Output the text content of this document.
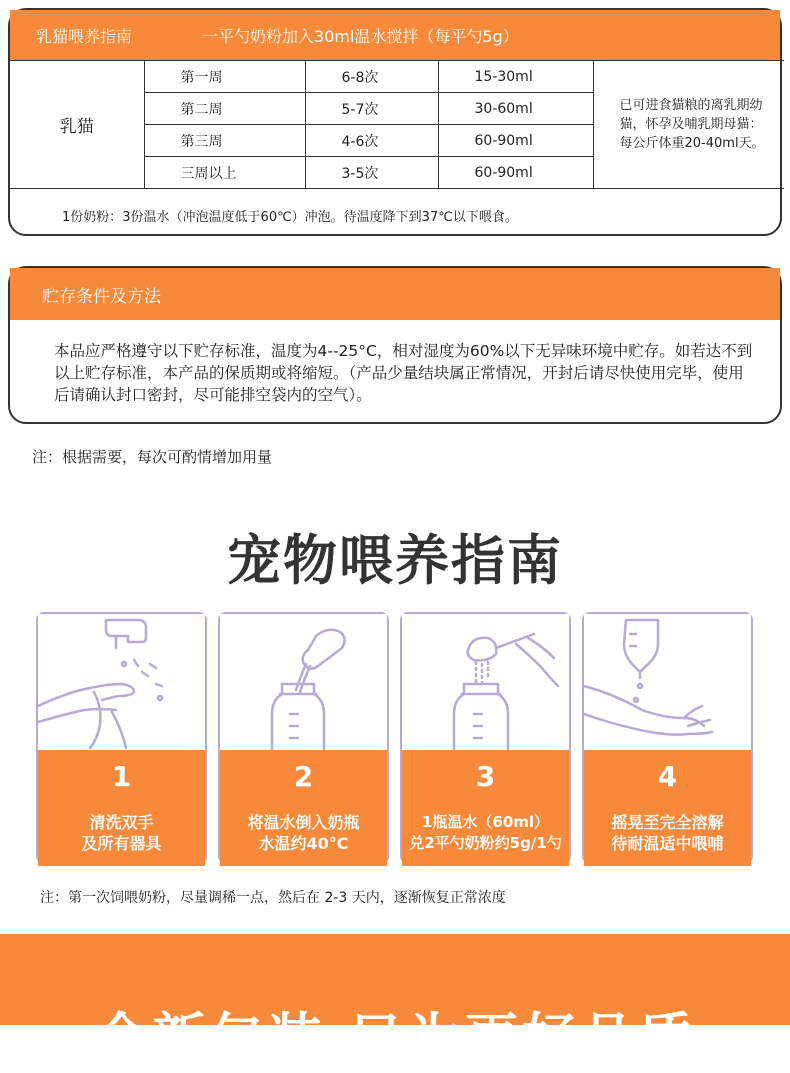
乳猫喂养指南	一平勺奶粉加入30ml温水搅拌（每平勺5g）
乳猫	第一周	6-8次	15-30ml	已可进食猫粮的离乳期幼猫，怀孕及哺乳期母猫：每公斤体重20-40ml天。
	第二周	5-7次	30-60ml	
	第三周	4-6次	60-90ml	
	三周以上	3-5次	60-90ml	
1份奶粉：3份温水（冲泡温度低于60℃）冲泡。待温度降下到37℃以下喂食。
贮存条件及方法
本品应严格遵守以下贮存标准，温度为4--25°C，相对湿度为60%以下无异味环境中贮存。如若达不到以上贮存标准，本产品的保质期或将缩短。（产品少量结块属正常情况，开封后请尽快使用完毕，使用后请确认封口密封，尽可能排空袋内的空气）。
注：根据需要，每次可酌情增加用量
宠物喂养指南
1
清洗双手
及所有器具
2
将温水倒入奶瓶
水温约40°C
3
1瓶温水（60ml）
兑2平勺奶粉约5g/1勺
4
摇晃至完全溶解
待耐温适中喂哺
注：第一次饲喂奶粉，尽量调稀一点，然后在 2-3 天内，逐渐恢复正常浓度
全新包装 只为更好品质
